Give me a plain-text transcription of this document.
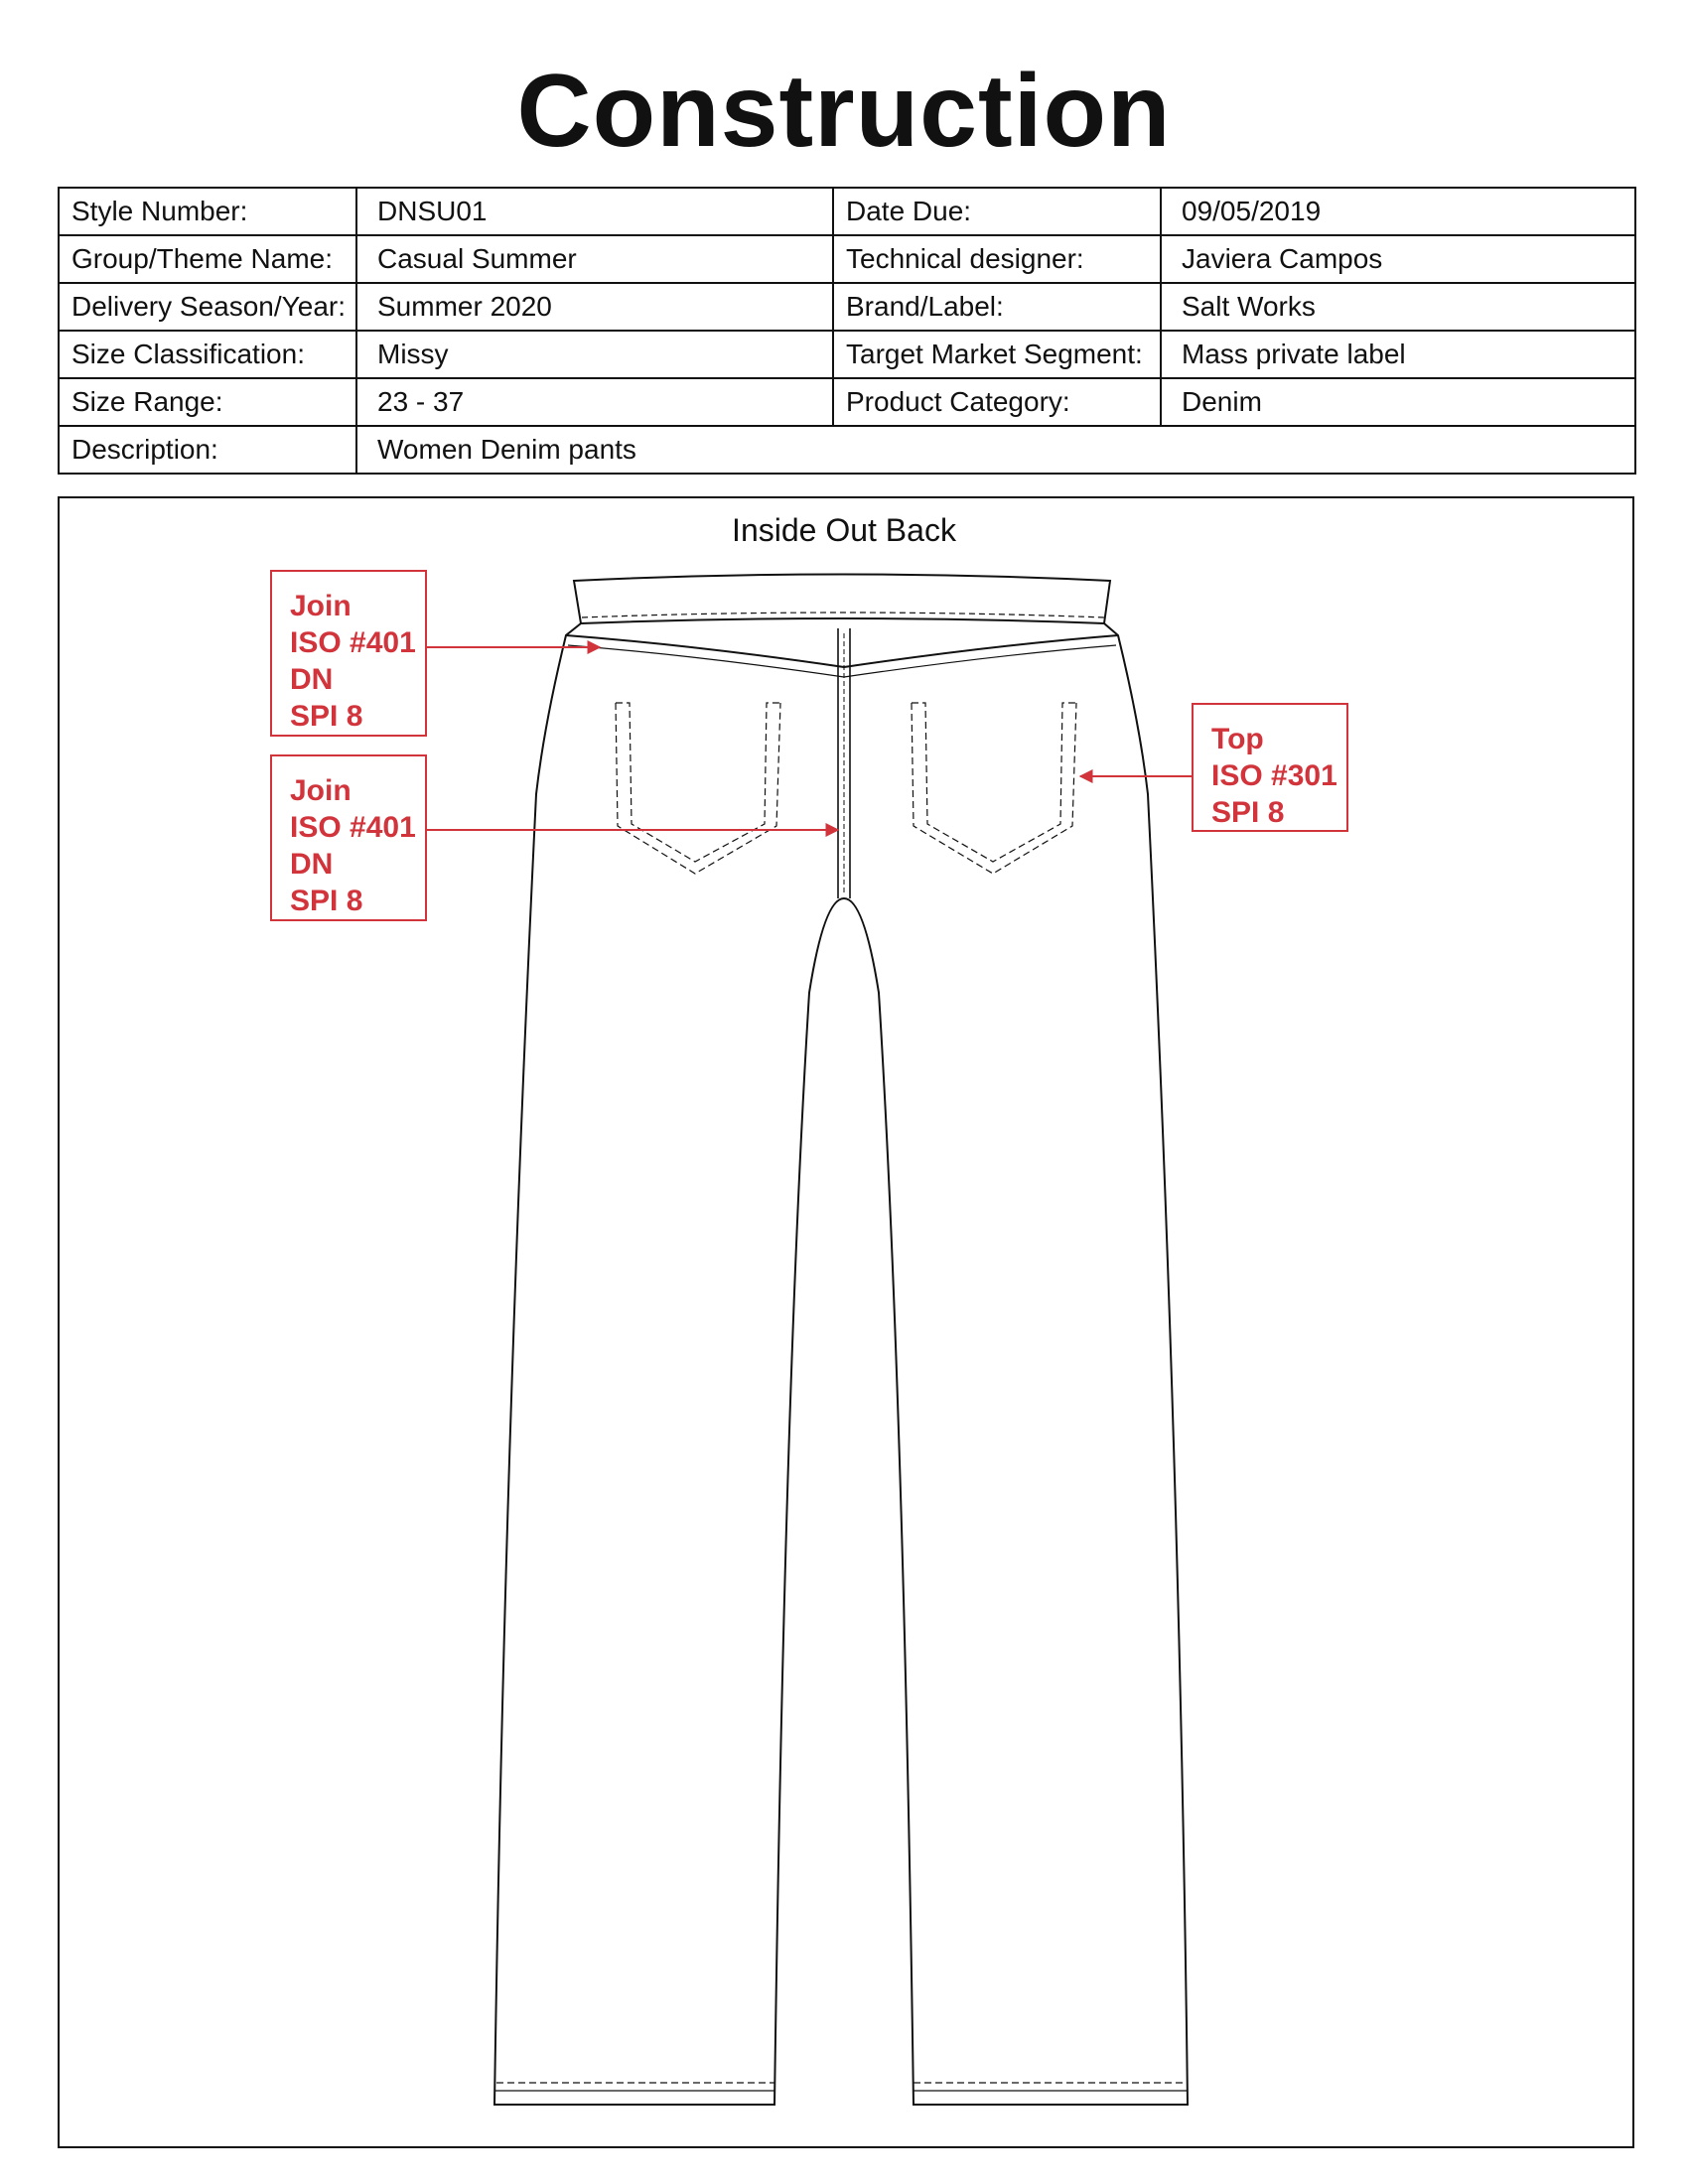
Construction
Style Number:	DNSU01	Date Due:	09/05/2019
Group/Theme Name:	Casual Summer	Technical designer:	Javiera Campos
Delivery Season/Year:	Summer 2020	Brand/Label:	Salt Works
Size Classification:	Missy	Target Market Segment:	Mass private label
Size Range:	23 - 37	Product Category:	Denim
Description:	Women Denim pants		
Inside Out Back
Join
ISO #401
DN
SPI 8
Join
ISO #401
DN
SPI 8
Top
ISO #301
SPI 8
